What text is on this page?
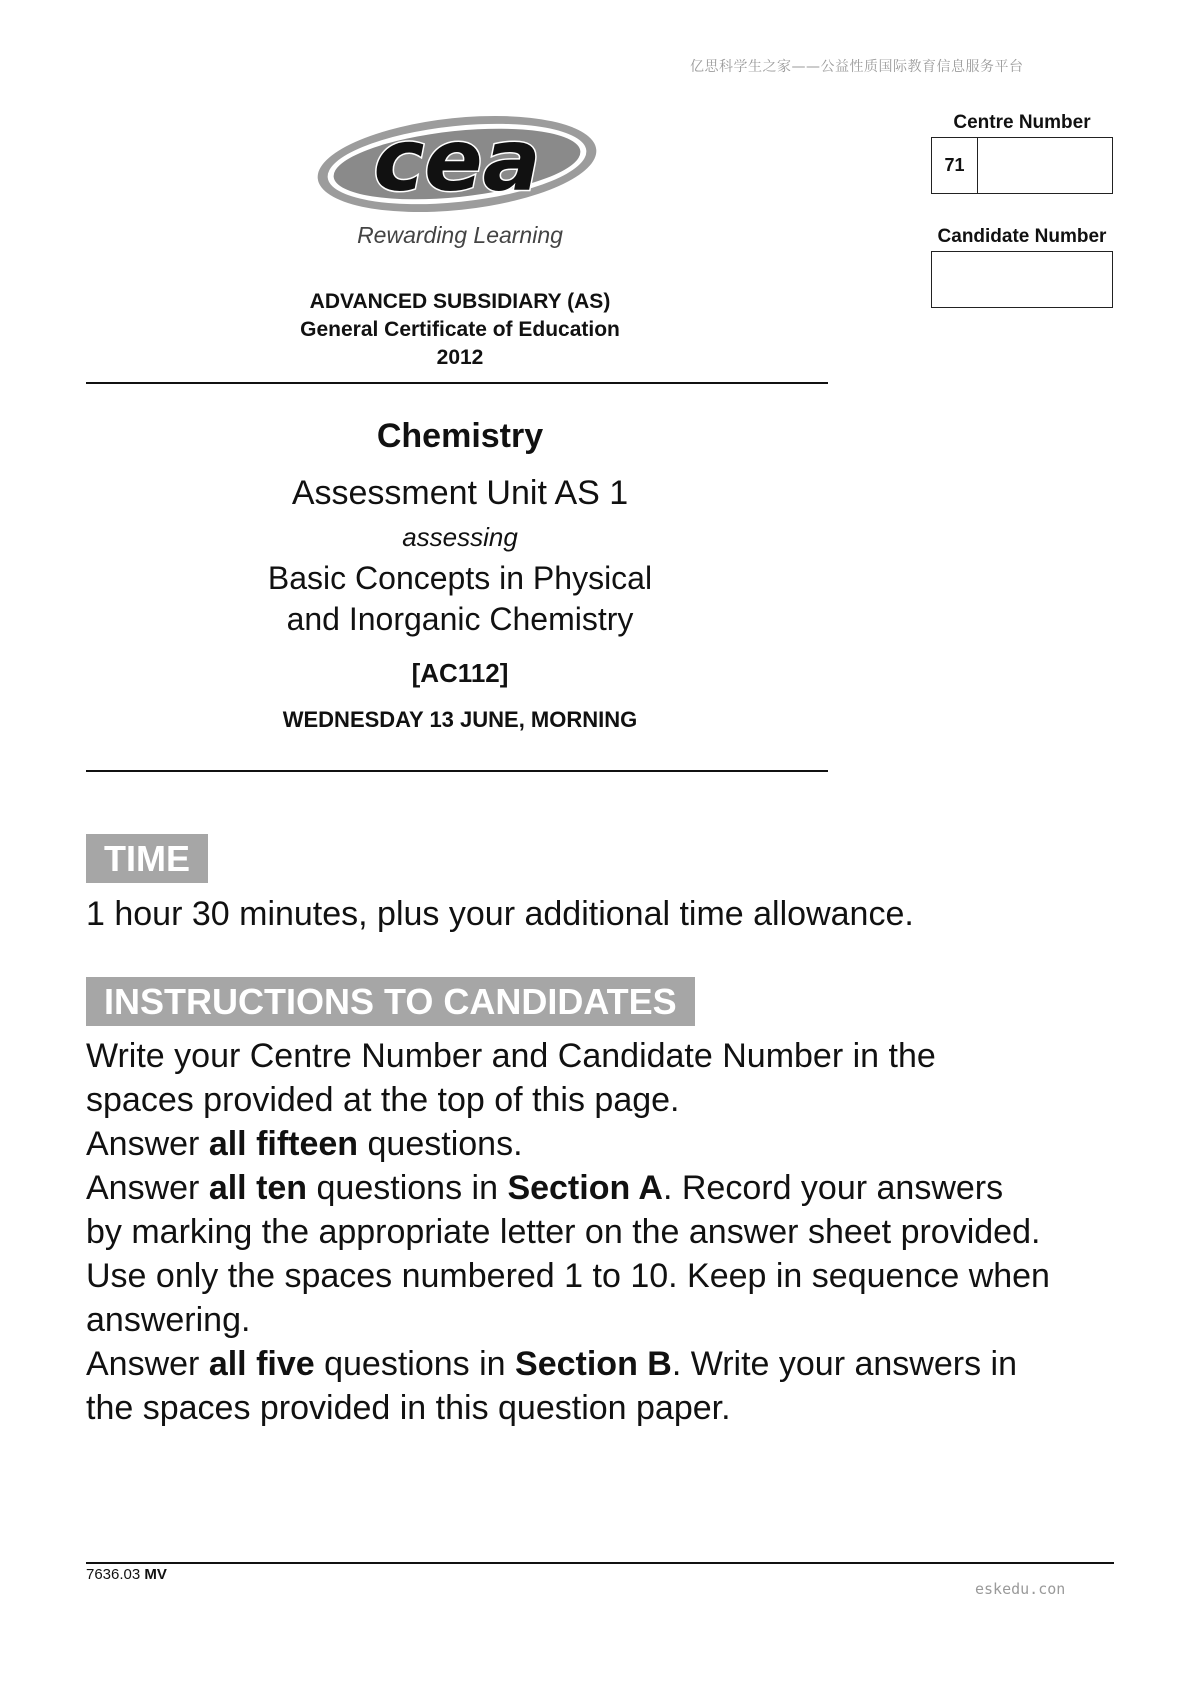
亿思科学生之家——公益性质国际教育信息服务平台
cea
Rewarding Learning
ADVANCED SUBSIDIARY (AS)
General Certificate of Education
2012
Centre Number
71
Candidate Number
Chemistry
Assessment Unit AS 1
assessing
Basic Concepts in Physical
and Inorganic Chemistry
[AC112]
WEDNESDAY 13 JUNE, MORNING
TIME
1 hour 30 minutes, plus your additional time allowance.
INSTRUCTIONS TO CANDIDATES
Write your Centre Number and Candidate Number in the
spaces provided at the top of this page.
Answer all fifteen questions.
Answer all ten questions in Section A. Record your answers
by marking the appropriate letter on the answer sheet provided.
Use only the spaces numbered 1 to 10. Keep in sequence when
answering.
Answer all five questions in Section B. Write your answers in
the spaces provided in this question paper.
7636.03 MV
eskedu.con
